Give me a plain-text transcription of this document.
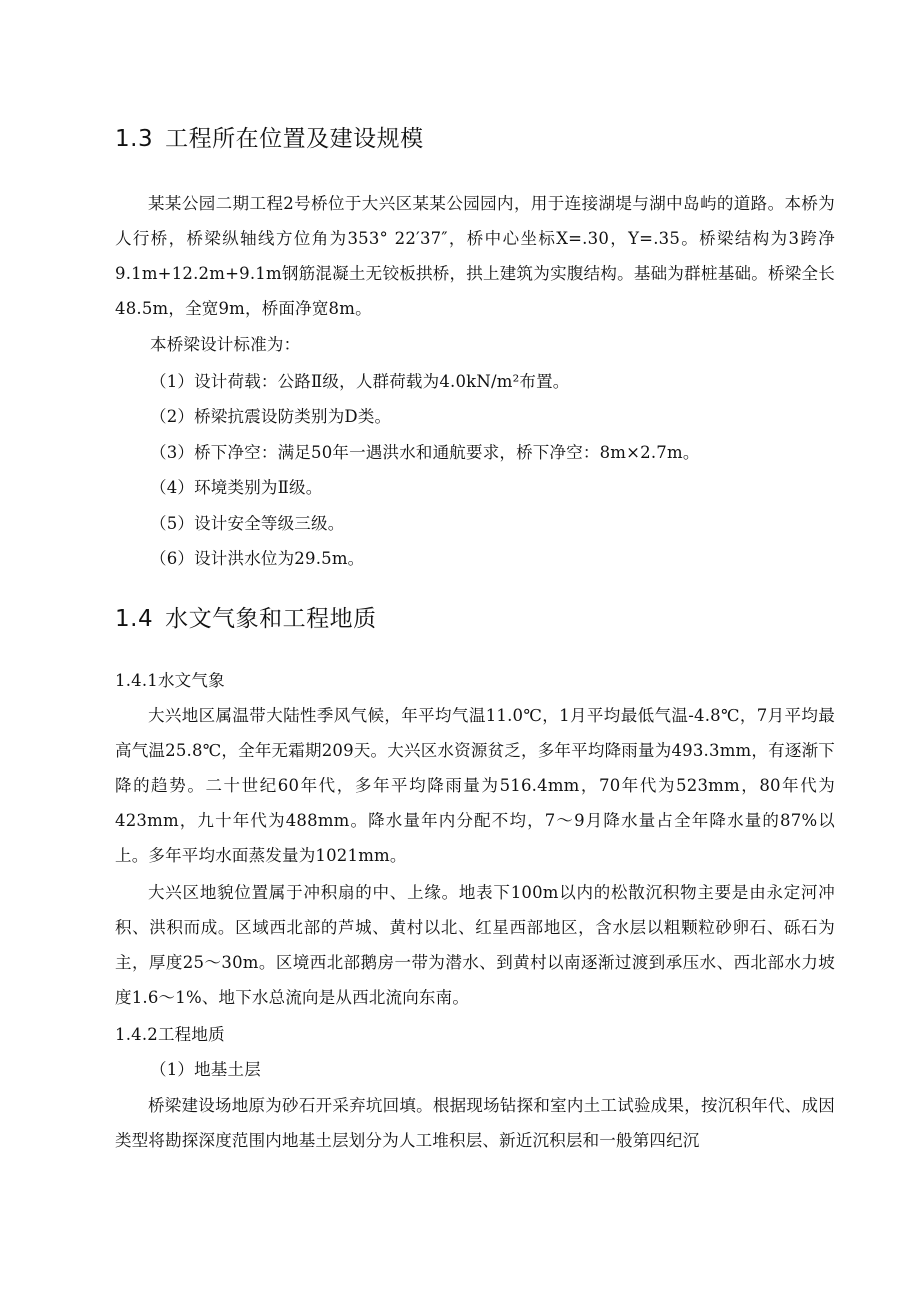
1.3 工程所在位置及建设规模

某某公园二期工程2号桥位于大兴区某某公园园内，用于连接湖堤与湖中岛屿的道路。本桥为人行桥，桥梁纵轴线方位角为353° 22′37″，桥中心坐标X=.30，Y=.35。桥梁结构为3跨净9.1m+12.2m+9.1m钢筋混凝土无铰板拱桥，拱上建筑为实腹结构。基础为群桩基础。桥梁全长48.5m，全宽9m，桥面净宽8m。

本桥梁设计标准为：

（1）设计荷载：公路Ⅱ级，人群荷载为4.0kN/m²布置。

（2）桥梁抗震设防类别为D类。

（3）桥下净空：满足50年一遇洪水和通航要求，桥下净空：8m×2.7m。

（4）环境类别为Ⅱ级。

（5）设计安全等级三级。

（6）设计洪水位为29.5m。

1.4 水文气象和工程地质

1.4.1水文气象

大兴地区属温带大陆性季风气候，年平均气温11.0℃，1月平均最低气温-4.8℃，7月平均最高气温25.8℃，全年无霜期209天。大兴区水资源贫乏，多年平均降雨量为493.3mm，有逐渐下降的趋势。二十世纪60年代，多年平均降雨量为516.4mm，70年代为523mm，80年代为423mm，九十年代为488mm。降水量年内分配不均，7～9月降水量占全年降水量的87%以上。多年平均水面蒸发量为1021mm。

大兴区地貌位置属于冲积扇的中、上缘。地表下100m以内的松散沉积物主要是由永定河冲积、洪积而成。区域西北部的芦城、黄村以北、红星西部地区，含水层以粗颗粒砂卵石、砾石为主，厚度25～30m。区境西北部鹅房一带为潜水、到黄村以南逐渐过渡到承压水、西北部水力坡度1.6～1%、地下水总流向是从西北流向东南。

1.4.2工程地质

（1）地基土层

桥梁建设场地原为砂石开采弃坑回填。根据现场钻探和室内土工试验成果，按沉积年代、成因类型将勘探深度范围内地基土层划分为人工堆积层、新近沉积层和一般第四纪沉
